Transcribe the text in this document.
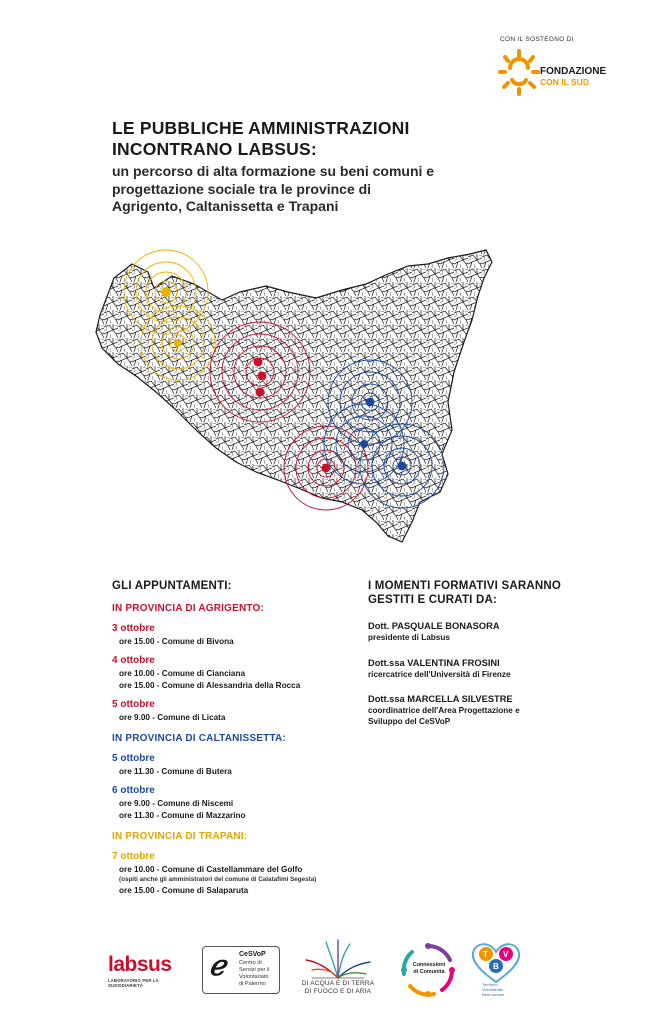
CON IL SOSTEGNO DI
FONDAZIONE
CON IL SUD
LE PUBBLICHE AMMINISTRAZIONI
INCONTRANO LABSUS:
un percorso di alta formazione su beni comuni e
progettazione sociale tra le province di
Agrigento, Caltanissetta e Trapani
GLI APPUNTAMENTI:
IN PROVINCIA DI AGRIGENTO:
3 ottobre
ore 15.00 - Comune di Bivona
4 ottobre
ore 10.00 - Comune di Cianciana
ore 15.00 - Comune di Alessandria della Rocca
5 ottobre
ore 9.00 - Comune di Licata
IN PROVINCIA DI CALTANISSETTA:
5 ottobre
ore 11.30 - Comune di Butera
6 ottobre
ore 9.00 - Comune di Niscemi
ore 11.30 - Comune di Mazzarino
IN PROVINCIA DI TRAPANI:
7 ottobre
ore 10.00 - Comune di Castellammare del Golfo
(ospiti anche gli amministratori del comune di Calatafimi Segesta)
ore 15.00 - Comune di Salaparuta
I MOMENTI FORMATIVI SARANNO
GESTITI E CURATI DA:
Dott. PASQUALE BONASORA
presidente di Labsus
Dott.ssa VALENTINA FROSINI
ricercatrice dell'Università di Firenze
Dott.ssa MARCELLA SILVESTRE
coordinatrice dell'Area Progettazione e
Sviluppo del CeSVoP
labsus
LABORATORIO PER LA SUSSIDIARIETÀ
ℯ CeSVoP
Centro di
Servizi per il
Volontariato
di Palermo	DI ACQUA E DI TERRA
DI FUOCO E DI ARIA
Connessioni
di Comunità
T V
B
Territorio
Volontariato
Beni comuni
